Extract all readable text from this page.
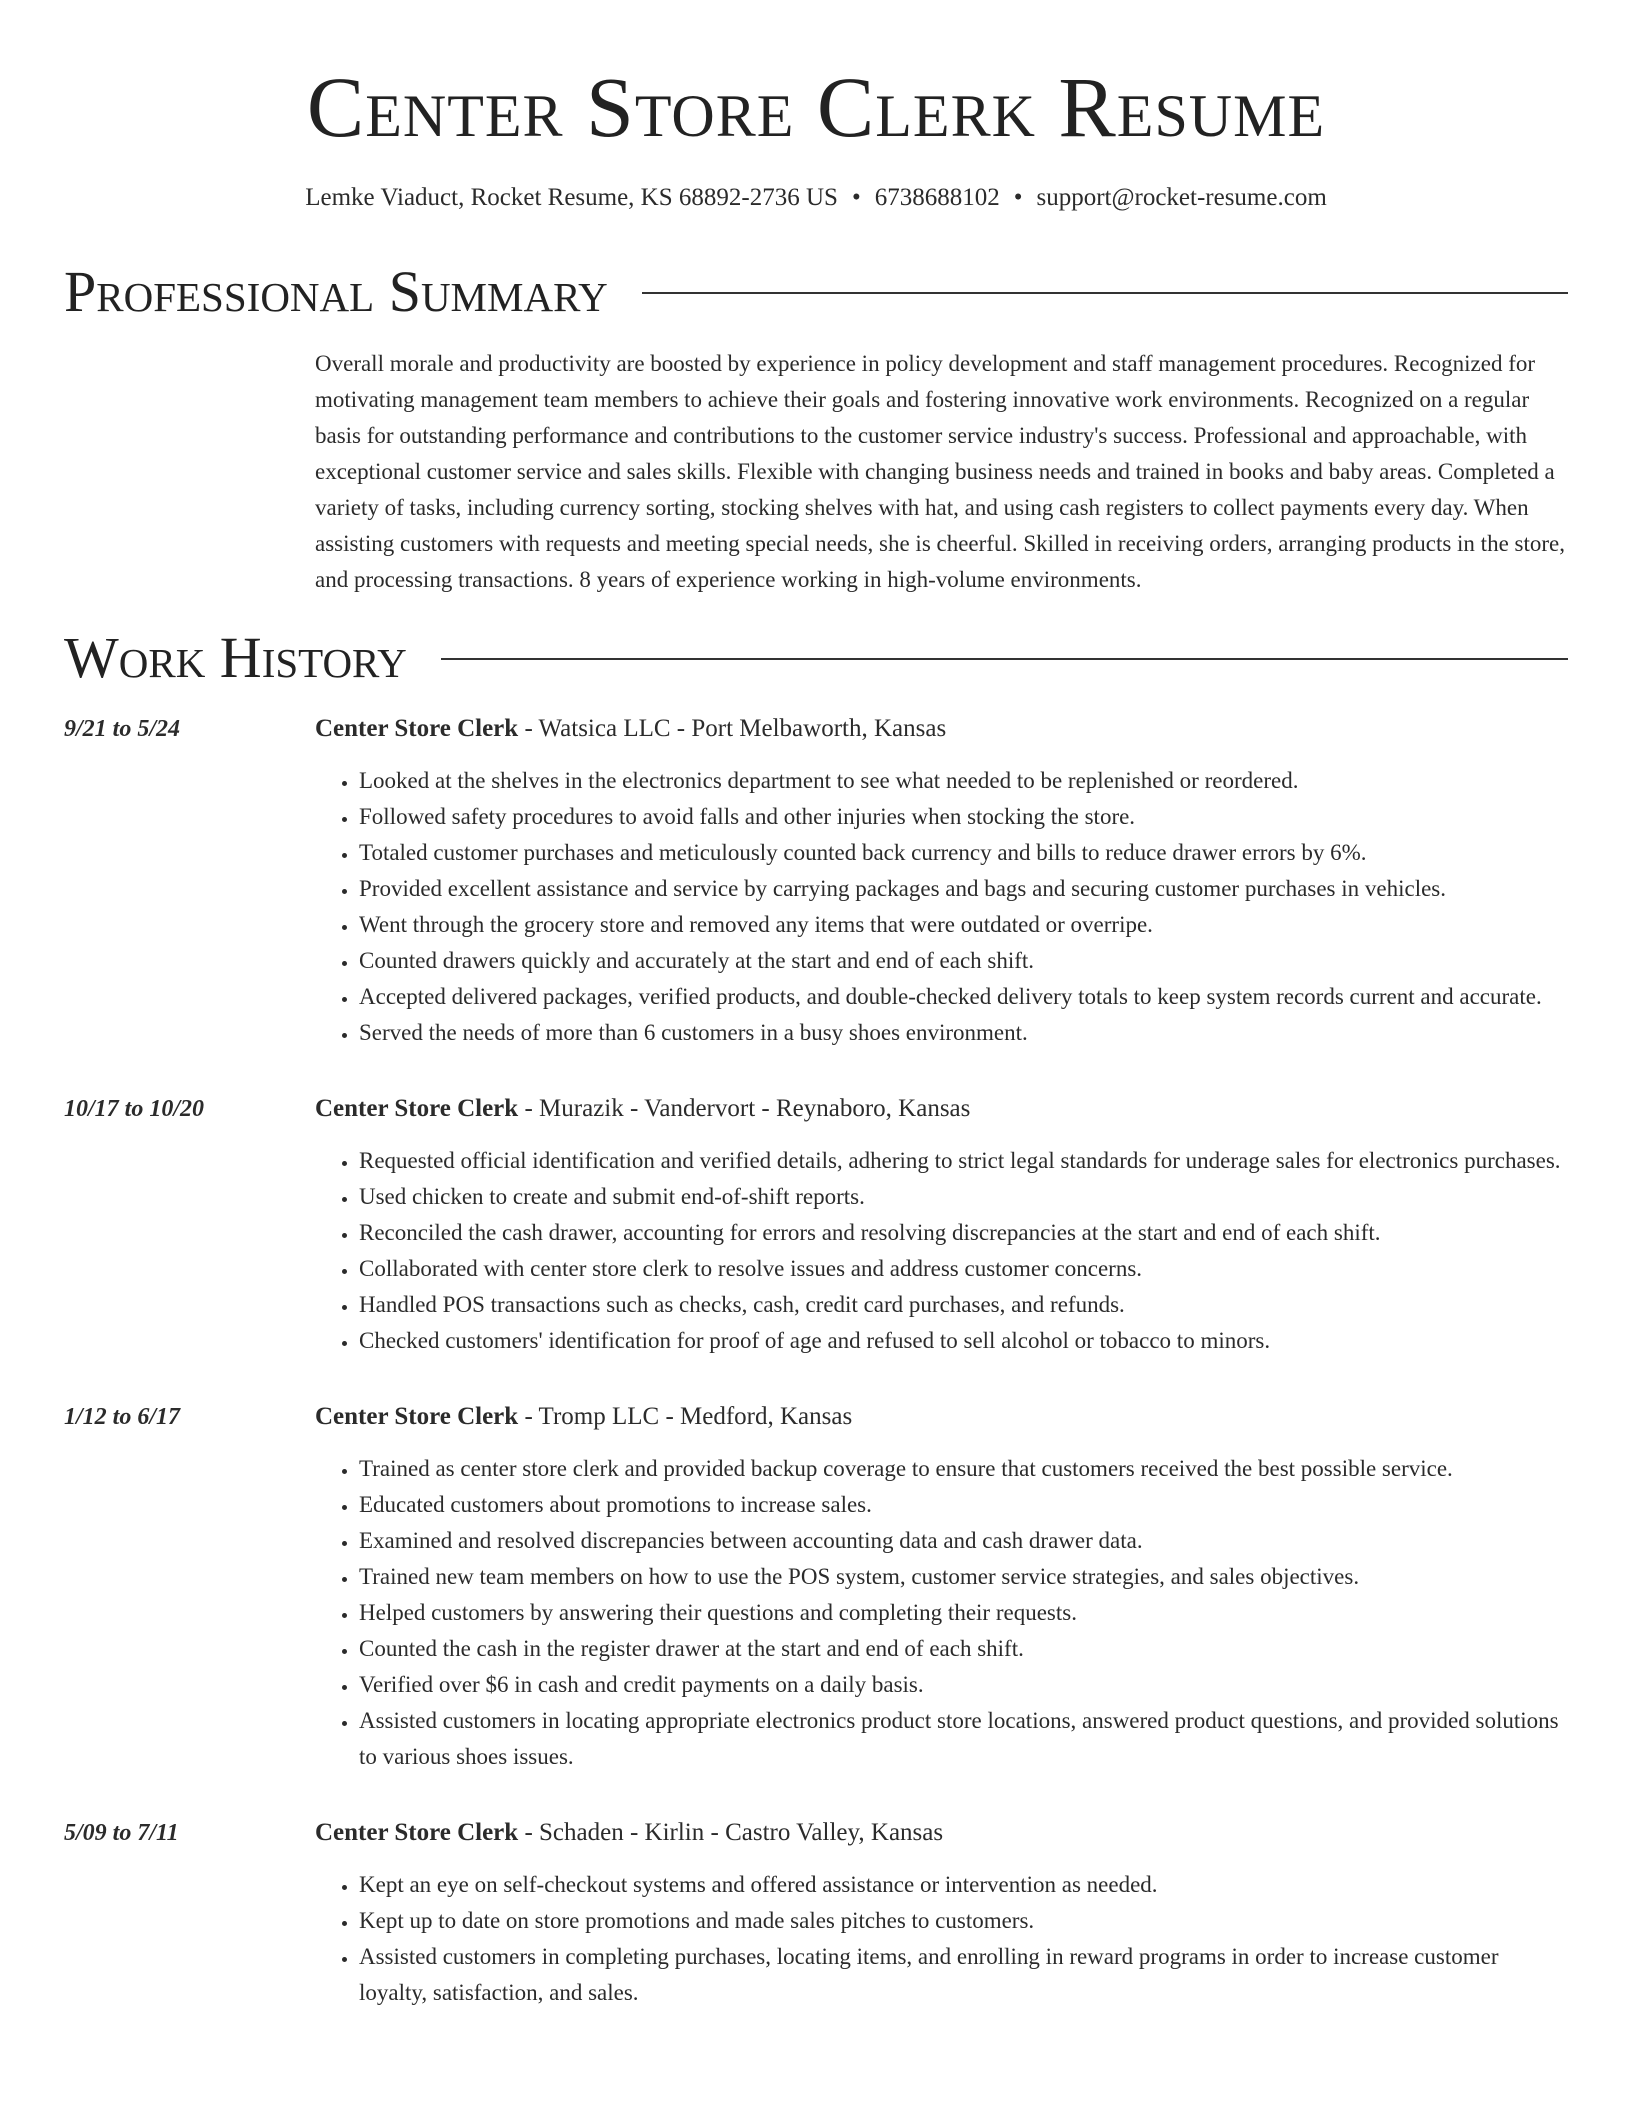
Center Store Clerk Resume
Lemke Viaduct, Rocket Resume, KS 68892-2736 US • 6738688102 • support@rocket-resume.com
Professional Summary
Overall morale and productivity are boosted by experience in policy development and staff management procedures. Recognized for motivating management team members to achieve their goals and fostering innovative work environments. Recognized on a regular basis for outstanding performance and contributions to the customer service industry's success. Professional and approachable, with exceptional customer service and sales skills. Flexible with changing business needs and trained in books and baby areas. Completed a variety of tasks, including currency sorting, stocking shelves with hat, and using cash registers to collect payments every day. When assisting customers with requests and meeting special needs, she is cheerful. Skilled in receiving orders, arranging products in the store, and processing transactions. 8 years of experience working in high-volume environments.
Work History
9/21 to 5/24	Center Store Clerk - Watsica LLC - Port Melbaworth, Kansas
• Looked at the shelves in the electronics department to see what needed to be replenished or reordered.
• Followed safety procedures to avoid falls and other injuries when stocking the store.
• Totaled customer purchases and meticulously counted back currency and bills to reduce drawer errors by 6%.
• Provided excellent assistance and service by carrying packages and bags and securing customer purchases in vehicles.
• Went through the grocery store and removed any items that were outdated or overripe.
• Counted drawers quickly and accurately at the start and end of each shift.
• Accepted delivered packages, verified products, and double-checked delivery totals to keep system records current and accurate.
• Served the needs of more than 6 customers in a busy shoes environment.
10/17 to 10/20	Center Store Clerk - Murazik - Vandervort - Reynaboro, Kansas
• Requested official identification and verified details, adhering to strict legal standards for underage sales for electronics purchases.
• Used chicken to create and submit end-of-shift reports.
• Reconciled the cash drawer, accounting for errors and resolving discrepancies at the start and end of each shift.
• Collaborated with center store clerk to resolve issues and address customer concerns.
• Handled POS transactions such as checks, cash, credit card purchases, and refunds.
• Checked customers' identification for proof of age and refused to sell alcohol or tobacco to minors.
1/12 to 6/17	Center Store Clerk - Tromp LLC - Medford, Kansas
• Trained as center store clerk and provided backup coverage to ensure that customers received the best possible service.
• Educated customers about promotions to increase sales.
• Examined and resolved discrepancies between accounting data and cash drawer data.
• Trained new team members on how to use the POS system, customer service strategies, and sales objectives.
• Helped customers by answering their questions and completing their requests.
• Counted the cash in the register drawer at the start and end of each shift.
• Verified over $6 in cash and credit payments on a daily basis.
• Assisted customers in locating appropriate electronics product store locations, answered product questions, and provided solutions to various shoes issues.
5/09 to 7/11	Center Store Clerk - Schaden - Kirlin - Castro Valley, Kansas
• Kept an eye on self-checkout systems and offered assistance or intervention as needed.
• Kept up to date on store promotions and made sales pitches to customers.
• Assisted customers in completing purchases, locating items, and enrolling in reward programs in order to increase customer loyalty, satisfaction, and sales.
